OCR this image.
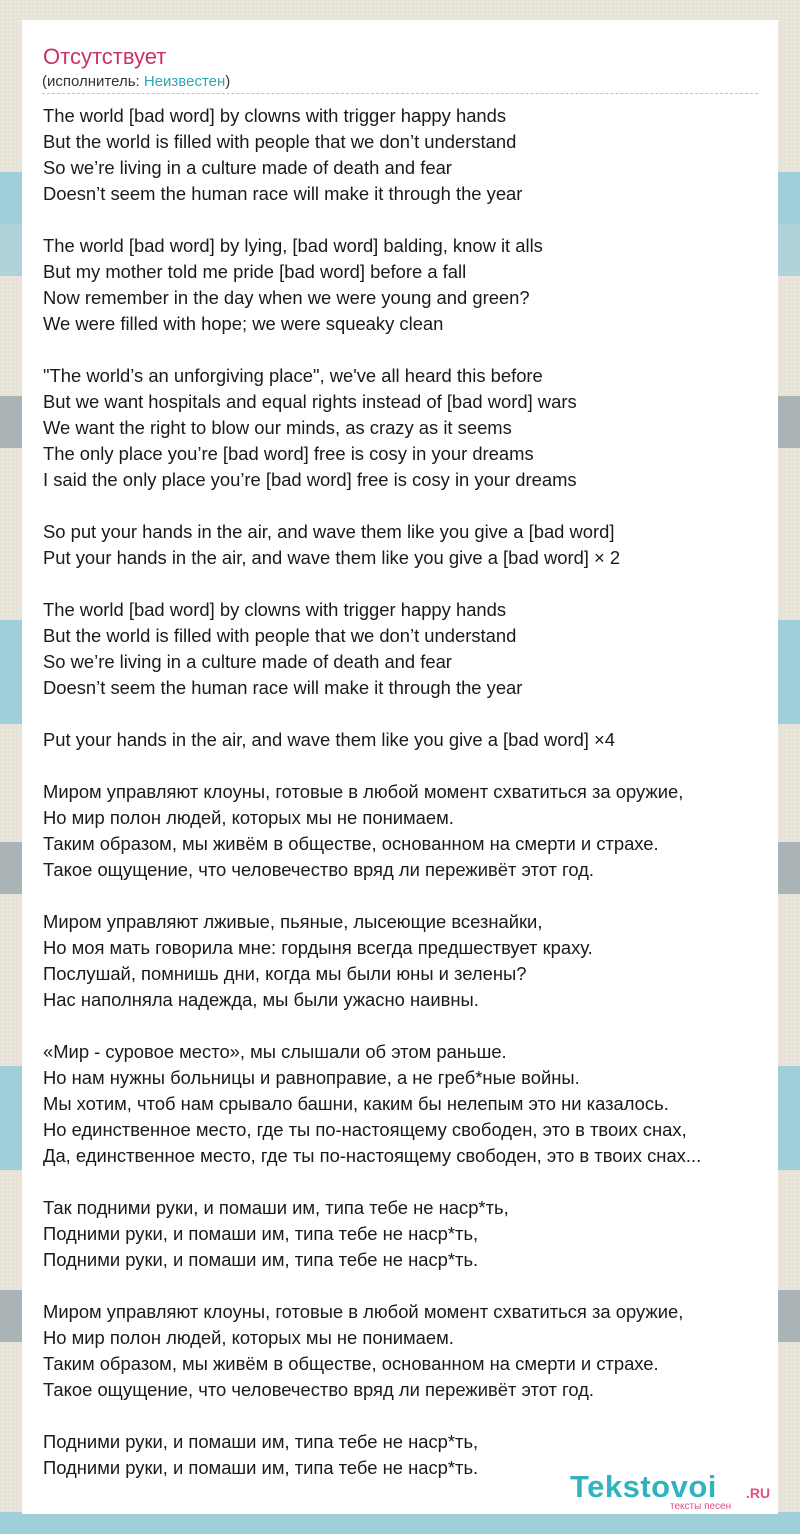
Отсутствует
(исполнитель: Неизвестен)
The world [bad word] by clowns with trigger happy hands
But the world is filled with people that we don’t understand
So we’re living in a culture made of death and fear
Doesn’t seem the human race will make it through the year
The world [bad word] by lying, [bad word] balding, know it alls
But my mother told me pride [bad word] before a fall
Now remember in the day when we were young and green?
We were filled with hope; we were squeaky clean
"The world’s an unforgiving place", we've all heard this before
But we want hospitals and equal rights instead of [bad word] wars
We want the right to blow our minds, as crazy as it seems
The only place you’re [bad word] free is cosy in your dreams
I said the only place you’re [bad word] free is cosy in your dreams
So put your hands in the air, and wave them like you give a [bad word]
Put your hands in the air, and wave them like you give a [bad word] × 2
The world [bad word] by clowns with trigger happy hands
But the world is filled with people that we don’t understand
So we’re living in a culture made of death and fear
Doesn’t seem the human race will make it through the year
Put your hands in the air, and wave them like you give a [bad word] ×4
Миром управляют клоуны, готовые в любой момент схватиться за оружие,
Но мир полон людей, которых мы не понимаем.
Таким образом, мы живём в обществе, основанном на смерти и страхе.
Такое ощущение, что человечество вряд ли переживёт этот год.
Миром управляют лживые, пьяные, лысеющие всезнайки,
Но моя мать говорила мне: гордыня всегда предшествует краху.
Послушай, помнишь дни, когда мы были юны и зелены?
Нас наполняла надежда, мы были ужасно наивны.
«Мир - суровое место», мы слышали об этом раньше.
Но нам нужны больницы и равноправие, а не греб*ные войны.
Мы хотим, чтоб нам срывало башни, каким бы нелепым это ни казалось.
Но единственное место, где ты по-настоящему свободен, это в твоих снах,
Да, единственное место, где ты по-настоящему свободен, это в твоих снах...
Так подними руки, и помаши им, типа тебе не наср*ть,
Подними руки, и помаши им, типа тебе не наср*ть,
Подними руки, и помаши им, типа тебе не наср*ть.
Миром управляют клоуны, готовые в любой момент схватиться за оружие,
Но мир полон людей, которых мы не понимаем.
Таким образом, мы живём в обществе, основанном на смерти и страхе.
Такое ощущение, что человечество вряд ли переживёт этот год.
Подними руки, и помаши им, типа тебе не наср*ть,
Подними руки, и помаши им, типа тебе не наср*ть.
Tekstovoi .RU
тексты песен
